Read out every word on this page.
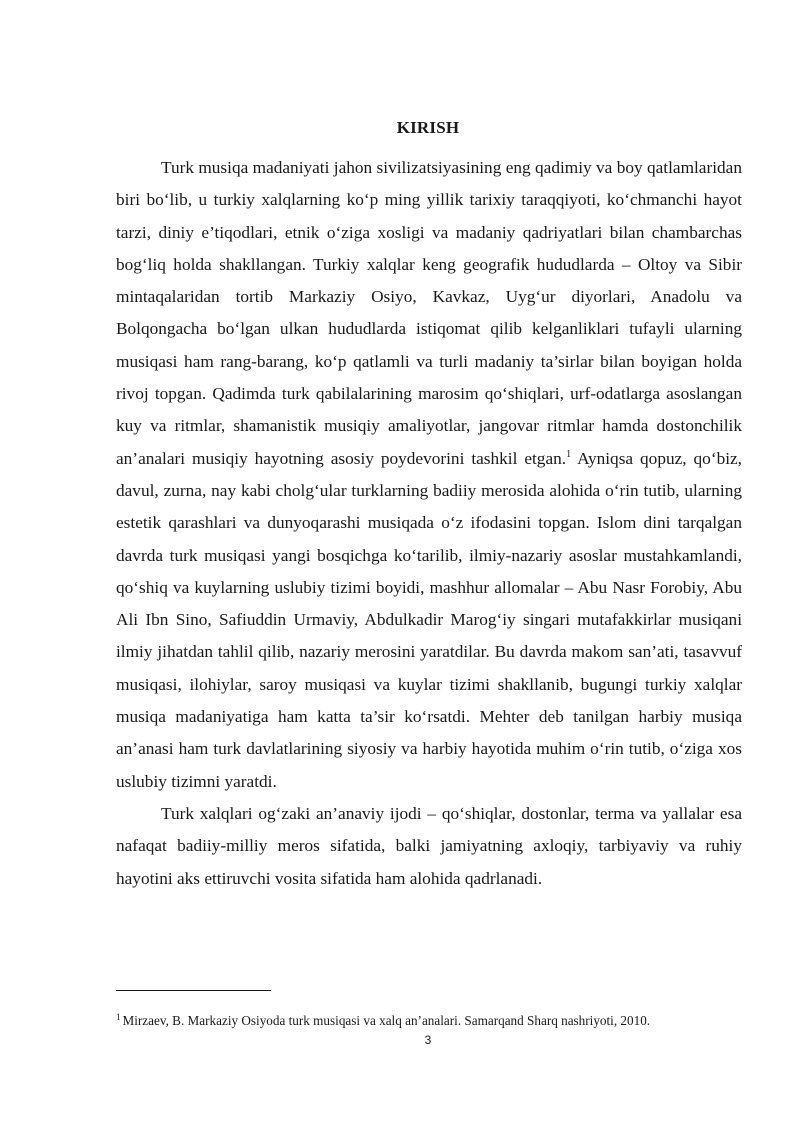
KIRISH

Turk musiqa madaniyati jahon sivilizatsiyasining eng qadimiy va boy qatlamlaridan biri bo‘lib, u turkiy xalqlarning ko‘p ming yillik tarixiy taraqqiyoti, ko‘chmanchi hayot tarzi, diniy e’tiqodlari, etnik o‘ziga xosligi va madaniy qadriyatlari bilan chambarchas bog‘liq holda shakllangan. Turkiy xalqlar keng geografik hududlarda – Oltoy va Sibir mintaqalaridan tortib Markaziy Osiyo, Kavkaz, Uyg‘ur diyorlari, Anadolu va Bolqongacha bo‘lgan ulkan hududlarda istiqomat qilib kelganliklari tufayli ularning musiqasi ham rang-barang, ko‘p qatlamli va turli madaniy ta’sirlar bilan boyigan holda rivoj topgan. Qadimda turk qabilalarining marosim qo‘shiqlari, urf-odatlarga asoslangan kuy va ritmlar, shamanistik musiqiy amaliyotlar, jangovar ritmlar hamda dostonchilik an’analari musiqiy hayotning asosiy poydevorini tashkil etgan.$^1$ Ayniqsa qopuz, qo‘biz, davul, zurna, nay kabi cholg‘ular turklarning badiiy merosida alohida o‘rin tutib, ularning estetik qarashlari va dunyoqarashi musiqada o‘z ifodasini topgan. Islom dini tarqalgan davrda turk musiqasi yangi bosqichga ko‘tarilib, ilmiy-nazariy asoslar mustahkamlandi, qo‘shiq va kuylarning uslubiy tizimi boyidi, mashhur allomalar – Abu Nasr Forobiy, Abu Ali Ibn Sino, Safiuddin Urmaviy, Abdulkadir Marog‘iy singari mutafakkirlar musiqani ilmiy jihatdan tahlil qilib, nazariy merosini yaratdilar. Bu davrda makom san’ati, tasavvuf musiqasi, ilohiylar, saroy musiqasi va kuylar tizimi shakllanib, bugungi turkiy xalqlar musiqa madaniyatiga ham katta ta’sir ko‘rsatdi. Mehter deb tanilgan harbiy musiqa an’anasi ham turk davlatlarining siyosiy va harbiy hayotida muhim o‘rin tutib, o‘ziga xos uslubiy tizimni yaratdi.

Turk xalqlari og‘zaki an’anaviy ijodi – qo‘shiqlar, dostonlar, terma va yallalar esa nafaqat badiiy-milliy meros sifatida, balki jamiyatning axloqiy, tarbiyaviy va ruhiy hayotini aks ettiruvchi vosita sifatida ham alohida qadrlanadi.

$^1$ Mirzaev, B. Markaziy Osiyoda turk musiqasi va xalq an’analari. Samarqand Sharq nashriyoti, 2010.
3
